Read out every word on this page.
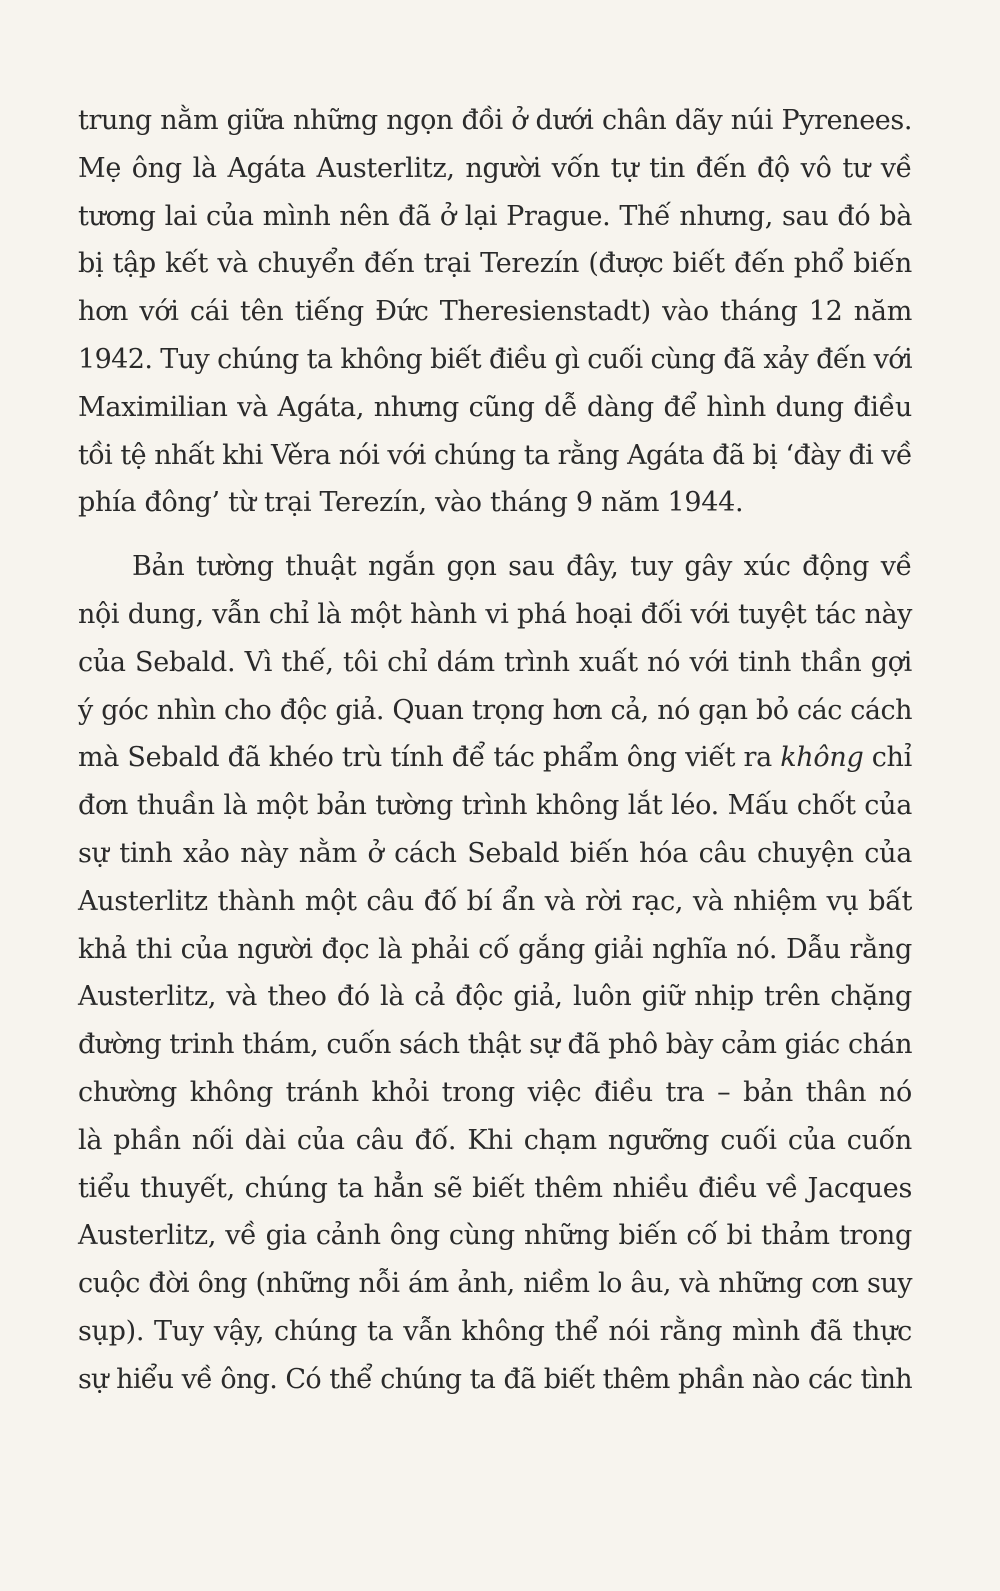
trung nằm giữa những ngọn đồi ở dưới chân dãy núi Pyrenees.
Mẹ ông là Agáta Austerlitz, người vốn tự tin đến độ vô tư về
tương lai của mình nên đã ở lại Prague. Thế nhưng, sau đó bà
bị tập kết và chuyển đến trại Terezín (được biết đến phổ biến
hơn với cái tên tiếng Đức Theresienstadt) vào tháng 12 năm
1942. Tuy chúng ta không biết điều gì cuối cùng đã xảy đến với
Maximilian và Agáta, nhưng cũng dễ dàng để hình dung điều
tồi tệ nhất khi Věra nói với chúng ta rằng Agáta đã bị ‘đày đi về
phía đông’ từ trại Terezín, vào tháng 9 năm 1944.

Bản tường thuật ngắn gọn sau đây, tuy gây xúc động về
nội dung, vẫn chỉ là một hành vi phá hoại đối với tuyệt tác này
của Sebald. Vì thế, tôi chỉ dám trình xuất nó với tinh thần gợi
ý góc nhìn cho độc giả. Quan trọng hơn cả, nó gạn bỏ các cách
mà Sebald đã khéo trù tính để tác phẩm ông viết ra không chỉ
đơn thuần là một bản tường trình không lắt léo. Mấu chốt của
sự tinh xảo này nằm ở cách Sebald biến hóa câu chuyện của
Austerlitz thành một câu đố bí ẩn và rời rạc, và nhiệm vụ bất
khả thi của người đọc là phải cố gắng giải nghĩa nó. Dẫu rằng
Austerlitz, và theo đó là cả độc giả, luôn giữ nhịp trên chặng
đường trinh thám, cuốn sách thật sự đã phô bày cảm giác chán
chường không tránh khỏi trong việc điều tra – bản thân nó
là phần nối dài của câu đố. Khi chạm ngưỡng cuối của cuốn
tiểu thuyết, chúng ta hẳn sẽ biết thêm nhiều điều về Jacques
Austerlitz, về gia cảnh ông cùng những biến cố bi thảm trong
cuộc đời ông (những nỗi ám ảnh, niềm lo âu, và những cơn suy
sụp). Tuy vậy, chúng ta vẫn không thể nói rằng mình đã thực
sự hiểu về ông. Có thể chúng ta đã biết thêm phần nào các tình
